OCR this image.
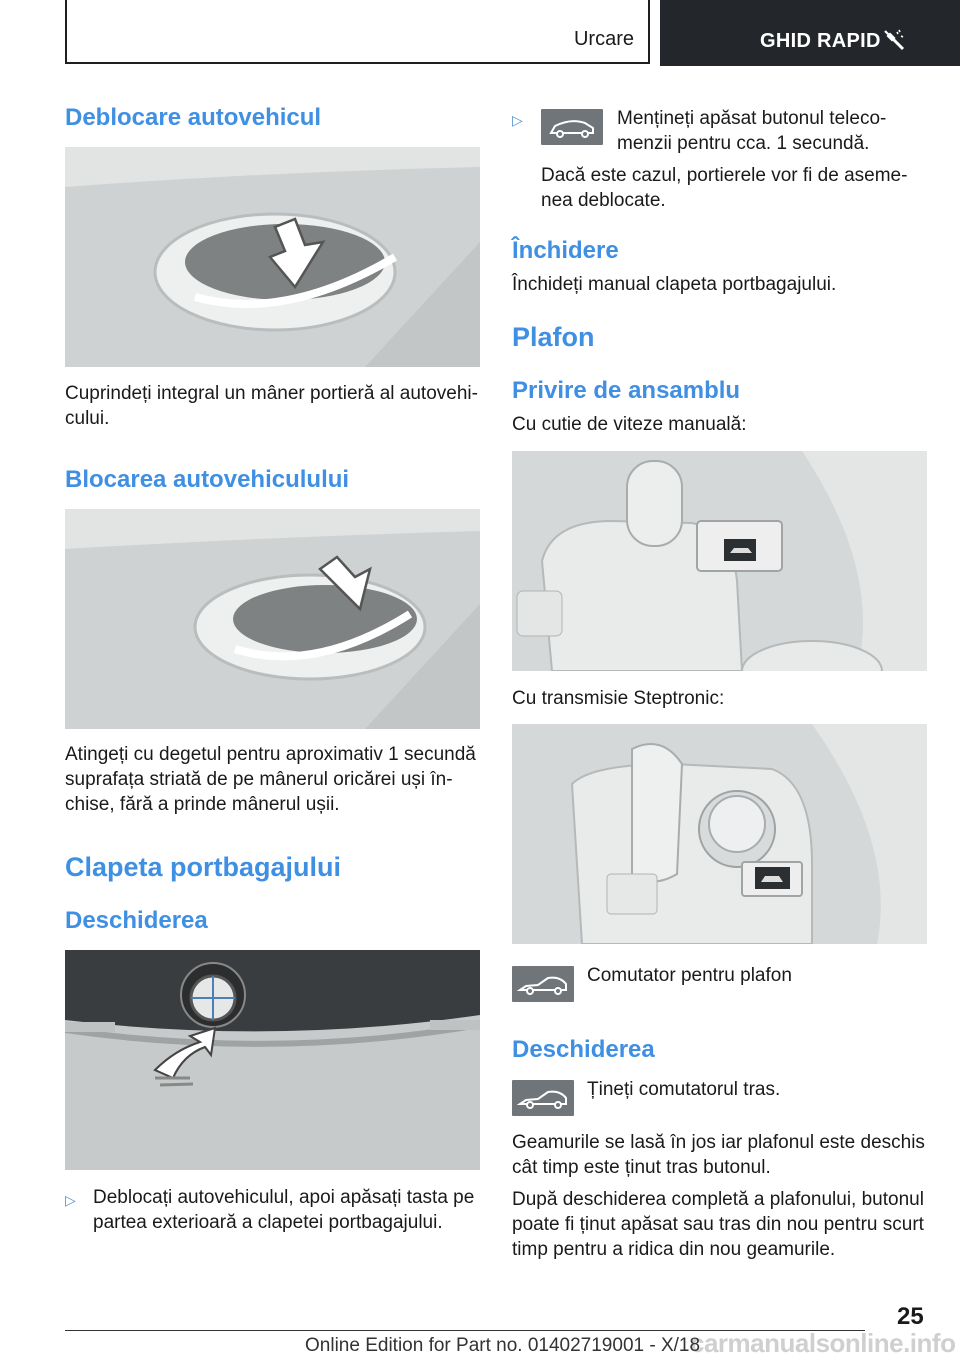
Urcare	GHID RAPID
Deblocare autovehicul

Cuprindeți integral un mâner portieră al autovehi-cului.

Blocarea autovehiculului

Atingeți cu degetul pentru aproximativ 1 secundă suprafața striată de pe mânerul oricărei uși în-chise, fără a prinde mânerul ușii.

Clapeta portbagajului
Deschiderea
▷ Deblocați autovehiculul, apoi apăsați tasta pe partea exterioară a clapetei portbagajului.

▷	Mențineți apăsat butonul teleco-menzii pentru cca. 1 secundă.

Dacă este cazul, portierele vor fi de aseme-nea deblocate.

Închidere

Închideți manual clapeta portbagajului.

Plafon
Privire de ansamblu

Cu cutie de viteze manuală:

Cu transmisie Steptronic:

Comutator pentru plafon

Deschiderea

Țineți comutatorul tras.

Geamurile se lasă în jos iar plafonul este deschis cât timp este ținut tras butonul.

După deschiderea completă a plafonului, butonul poate fi ținut apăsat sau tras din nou pentru scurt timp pentru a ridica din nou geamurile.

25
carmanualsonline.info
Online Edition for Part no. 01402719001 - X/18
